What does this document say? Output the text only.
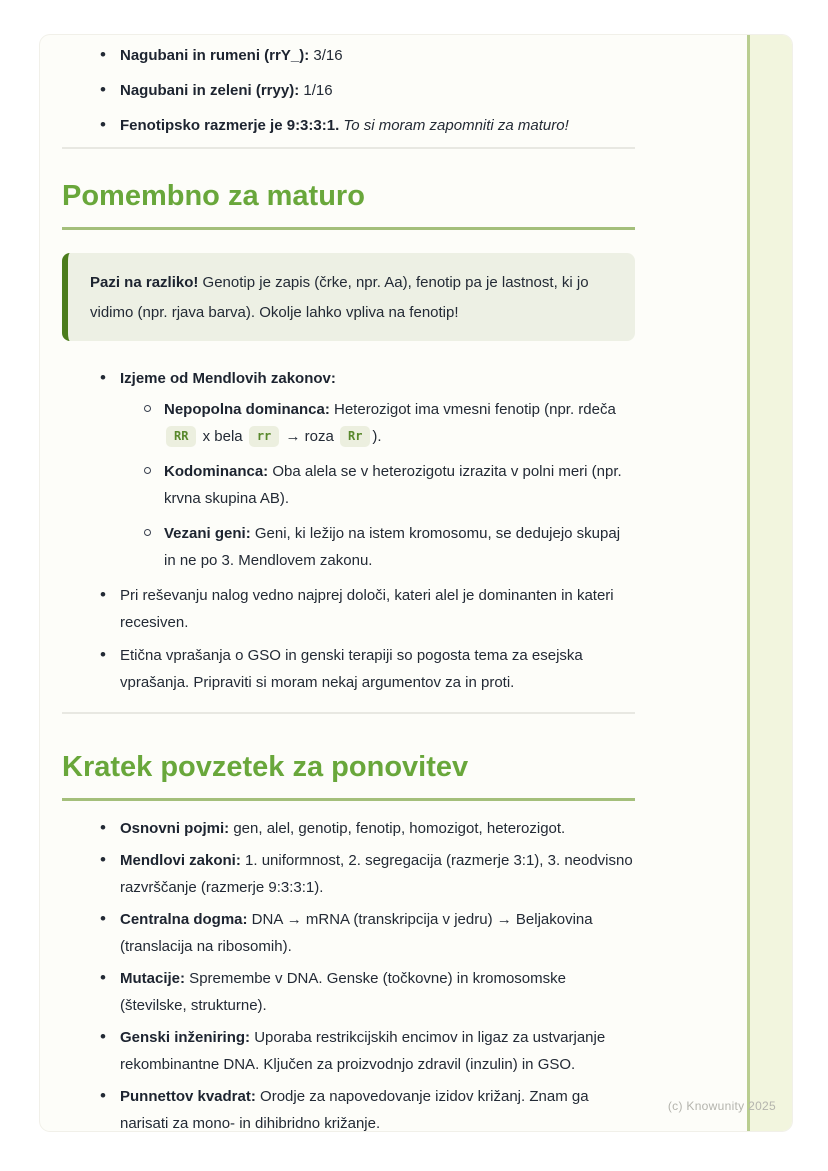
• Nagubani in rumeni (rrY_): 3/16
• Nagubani in zeleni (rryy): 1/16
• Fenotipsko razmerje je 9:3:3:1. To si moram zapomniti za maturo!
Pomembno za maturo

Pazi na razliko! Genotip je zapis (črke, npr. Aa), fenotip pa je lastnost, ki jo vidimo (npr. rjava barva). Okolje lahko vpliva na fenotip!

• Izjeme od Mendlovih zakonov:
Nepopolna dominanca: Heterozigot ima vmesni fenotip (npr. rdeča RR x bela rr → roza Rr ).
Kodominanca: Oba alela se v heterozigotu izrazita v polni meri (npr. krvna skupina AB).
Vezani geni: Geni, ki ležijo na istem kromosomu, se dedujejo skupaj in ne po 3. Mendlovem zakonu.
• Pri reševanju nalog vedno najprej določi, kateri alel je dominanten in kateri recesiven.
• Etična vprašanja o GSO in genski terapiji so pogosta tema za esejska vprašanja. Pripraviti si moram nekaj argumentov za in proti.
Kratek povzetek za ponovitev
• Osnovni pojmi: gen, alel, genotip, fenotip, homozigot, heterozigot.
• Mendlovi zakoni: 1. uniformnost, 2. segregacija (razmerje 3:1), 3. neodvisno razvrščanje (razmerje 9:3:3:1).
• Centralna dogma: DNA → mRNA (transkripcija v jedru) → Beljakovina (translacija na ribosomih).
• Mutacije: Spremembe v DNA. Genske (točkovne) in kromosomske (številske, strukturne).
• Genski inženiring: Uporaba restrikcijskih encimov in ligaz za ustvarjanje rekombinantne DNA. Ključen za proizvodnjo zdravil (inzulin) in GSO.
• Punnettov kvadrat: Orodje za napovedovanje izidov križanj. Znam ga narisati za mono- in dihibridno križanje.
(c) Knowunity 2025
